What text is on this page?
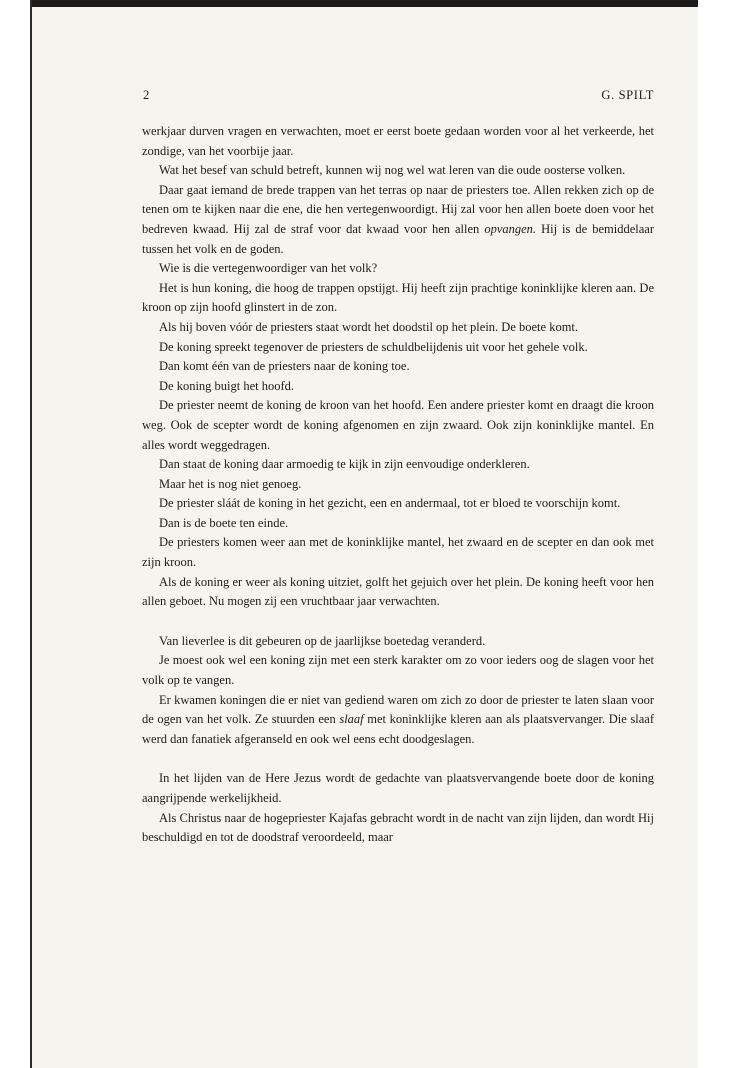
2	G. SPILT

werkjaar durven vragen en verwachten, moet er eerst boete gedaan worden voor al het verkeerde, het zondige, van het voorbije jaar.

Wat het besef van schuld betreft, kunnen wij nog wel wat leren van die oude oosterse volken.

Daar gaat iemand de brede trappen van het terras op naar de priesters toe. Allen rekken zich op de tenen om te kijken naar die ene, die hen vertegenwoordigt. Hij zal voor hen allen boete doen voor het bedreven kwaad. Hij zal de straf voor dat kwaad voor hen allen opvangen. Hij is de bemiddelaar tussen het volk en de goden.

Wie is die vertegenwoordiger van het volk?

Het is hun koning, die hoog de trappen opstijgt. Hij heeft zijn prachtige koninklijke kleren aan. De kroon op zijn hoofd glinstert in de zon.

Als hij boven vóór de priesters staat wordt het doodstil op het plein. De boete komt.

De koning spreekt tegenover de priesters de schuldbelijdenis uit voor het gehele volk.

Dan komt één van de priesters naar de koning toe.

De koning buigt het hoofd.

De priester neemt de koning de kroon van het hoofd. Een andere priester komt en draagt die kroon weg. Ook de scepter wordt de koning afgenomen en zijn zwaard. Ook zijn koninklijke mantel. En alles wordt weggedragen.

Dan staat de koning daar armoedig te kijk in zijn eenvoudige onderkleren.

Maar het is nog niet genoeg.

De priester sláát de koning in het gezicht, een en andermaal, tot er bloed te voorschijn komt.

Dan is de boete ten einde.

De priesters komen weer aan met de koninklijke mantel, het zwaard en de scepter en dan ook met zijn kroon.

Als de koning er weer als koning uitziet, golft het gejuich over het plein. De koning heeft voor hen allen geboet. Nu mogen zij een vruchtbaar jaar verwachten.

Van lieverlee is dit gebeuren op de jaarlijkse boetedag veranderd.

Je moest ook wel een koning zijn met een sterk karakter om zo voor ieders oog de slagen voor het volk op te vangen.

Er kwamen koningen die er niet van gediend waren om zich zo door de priester te laten slaan voor de ogen van het volk. Ze stuurden een slaaf met koninklijke kleren aan als plaatsvervanger. Die slaaf werd dan fanatiek afgeranseld en ook wel eens echt doodgeslagen.

In het lijden van de Here Jezus wordt de gedachte van plaatsvervangende boete door de koning aangrijpende werkelijkheid.

Als Christus naar de hogepriester Kajafas gebracht wordt in de nacht van zijn lijden, dan wordt Hij beschuldigd en tot de doodstraf veroordeeld, maar
